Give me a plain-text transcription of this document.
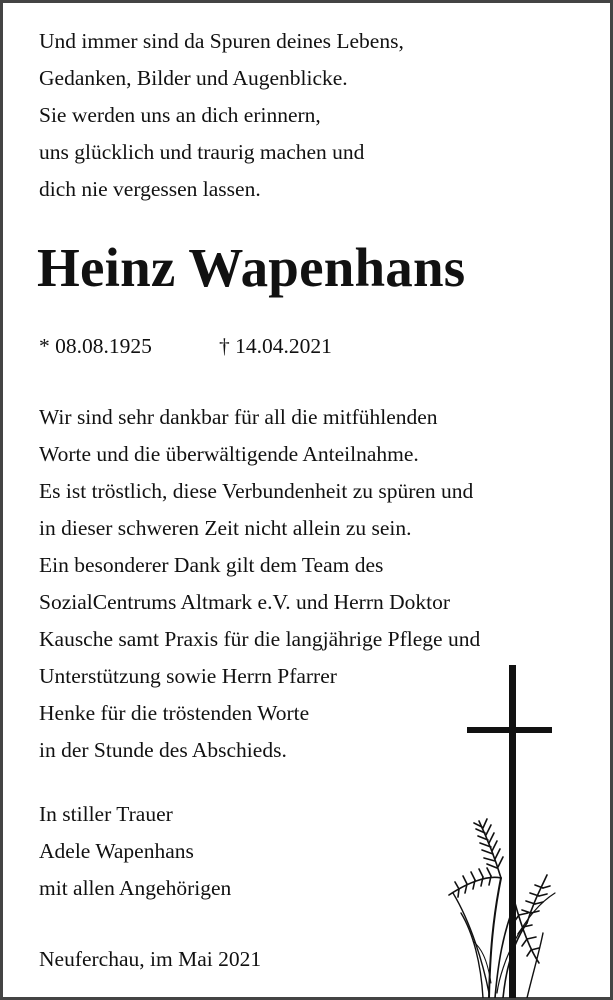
Und immer sind da Spuren deines Lebens,
Gedanken, Bilder und Augenblicke.
Sie werden uns an dich erinnern,
uns glücklich und traurig machen und
dich nie vergessen lassen.

Heinz Wapenhans
* 08.08.1925	† 14.04.2021

Wir sind sehr dankbar für all die mitfühlenden
Worte und die überwältigende Anteilnahme.
Es ist tröstlich, diese Verbundenheit zu spüren und
in dieser schweren Zeit nicht allein zu sein.
Ein besonderer Dank gilt dem Team des
SozialCentrums Altmark e.V. und Herrn Doktor
Kausche samt Praxis für die langjährige Pflege und
Unterstützung sowie Herrn Pfarrer
Henke für die tröstenden Worte
in der Stunde des Abschieds.

In stiller Trauer
Adele Wapenhans
mit allen Angehörigen

Neuferchau, im Mai 2021
